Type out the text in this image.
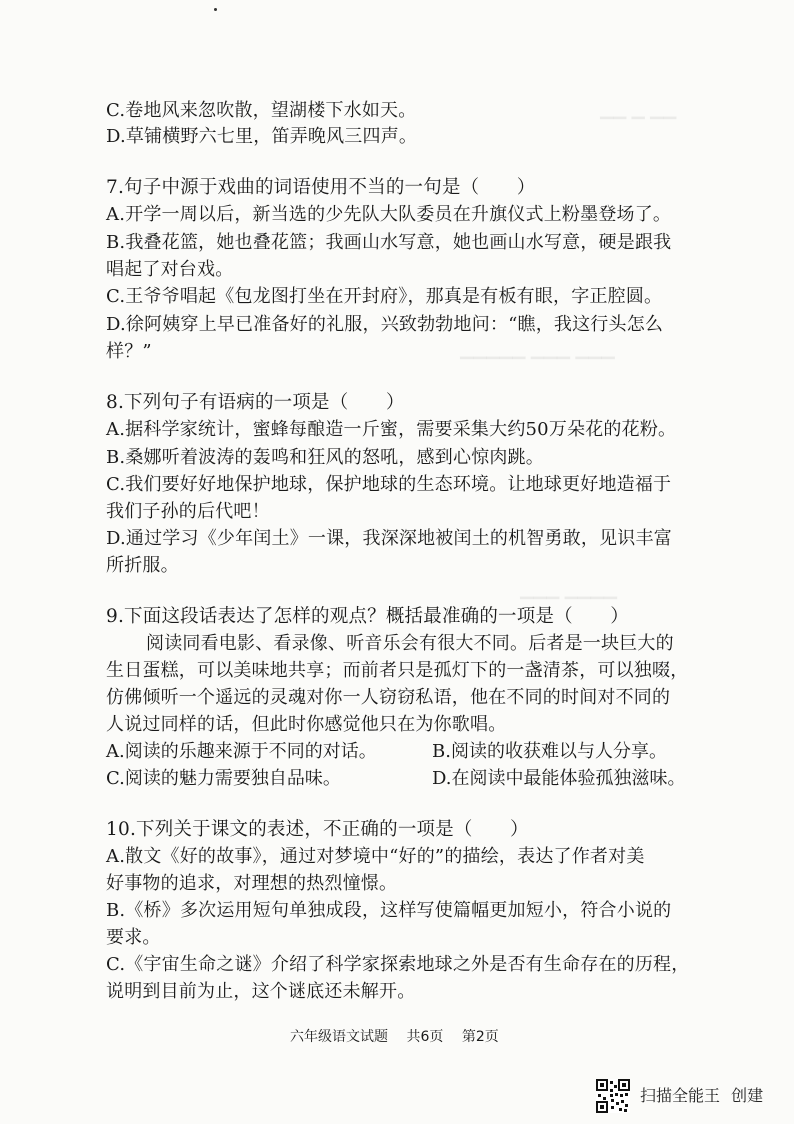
▁▁ ▁ ▁▁
▁▁▁▁▁ ▁▁▁ ▁▁▁
▁▁▁ ▁▁▁▁
C.卷地风来忽吹散，望湖楼下水如天。
D.草铺横野六七里，笛弄晚风三四声。
7.句子中源于戏曲的词语使用不当的一句是（　　）
A.开学一周以后，新当选的少先队大队委员在升旗仪式上粉墨登场了。
B.我叠花篮，她也叠花篮；我画山水写意，她也画山水写意，硬是跟我
唱起了对台戏。
C.王爷爷唱起《包龙图打坐在开封府》，那真是有板有眼，字正腔圆。
D.徐阿姨穿上早已准备好的礼服，兴致勃勃地问：“瞧，我这行头怎么
样？”
8.下列句子有语病的一项是（　　）
A.据科学家统计，蜜蜂每酿造一斤蜜，需要采集大约50万朵花的花粉。
B.桑娜听着波涛的轰鸣和狂风的怒吼，感到心惊肉跳。
C.我们要好好地保护地球，保护地球的生态环境。让地球更好地造福于
我们子孙的后代吧！
D.通过学习《少年闰土》一课，我深深地被闰土的机智勇敢，见识丰富
所折服。
9.下面这段话表达了怎样的观点？概括最准确的一项是（　　）
阅读同看电影、看录像、听音乐会有很大不同。后者是一块巨大的
生日蛋糕，可以美味地共享；而前者只是孤灯下的一盏清茶，可以独啜，
仿佛倾听一个遥远的灵魂对你一人窃窃私语，他在不同的时间对不同的
人说过同样的话，但此时你感觉他只在为你歌唱。
A.阅读的乐趣来源于不同的对话。	B.阅读的收获难以与人分享。
C.阅读的魅力需要独自品味。	D.在阅读中最能体验孤独滋味。
10.下列关于课文的表述，不正确的一项是（　　）
A.散文《好的故事》，通过对梦境中“好的”的描绘，表达了作者对美
好事物的追求，对理想的热烈憧憬。
B.《桥》多次运用短句单独成段，这样写使篇幅更加短小，符合小说的
要求。
C.《宇宙生命之谜》介绍了科学家探索地球之外是否有生命存在的历程，
说明到目前为止，这个谜底还未解开。
六年级语文试题 共6页 第2页
扫描全能王 创建
